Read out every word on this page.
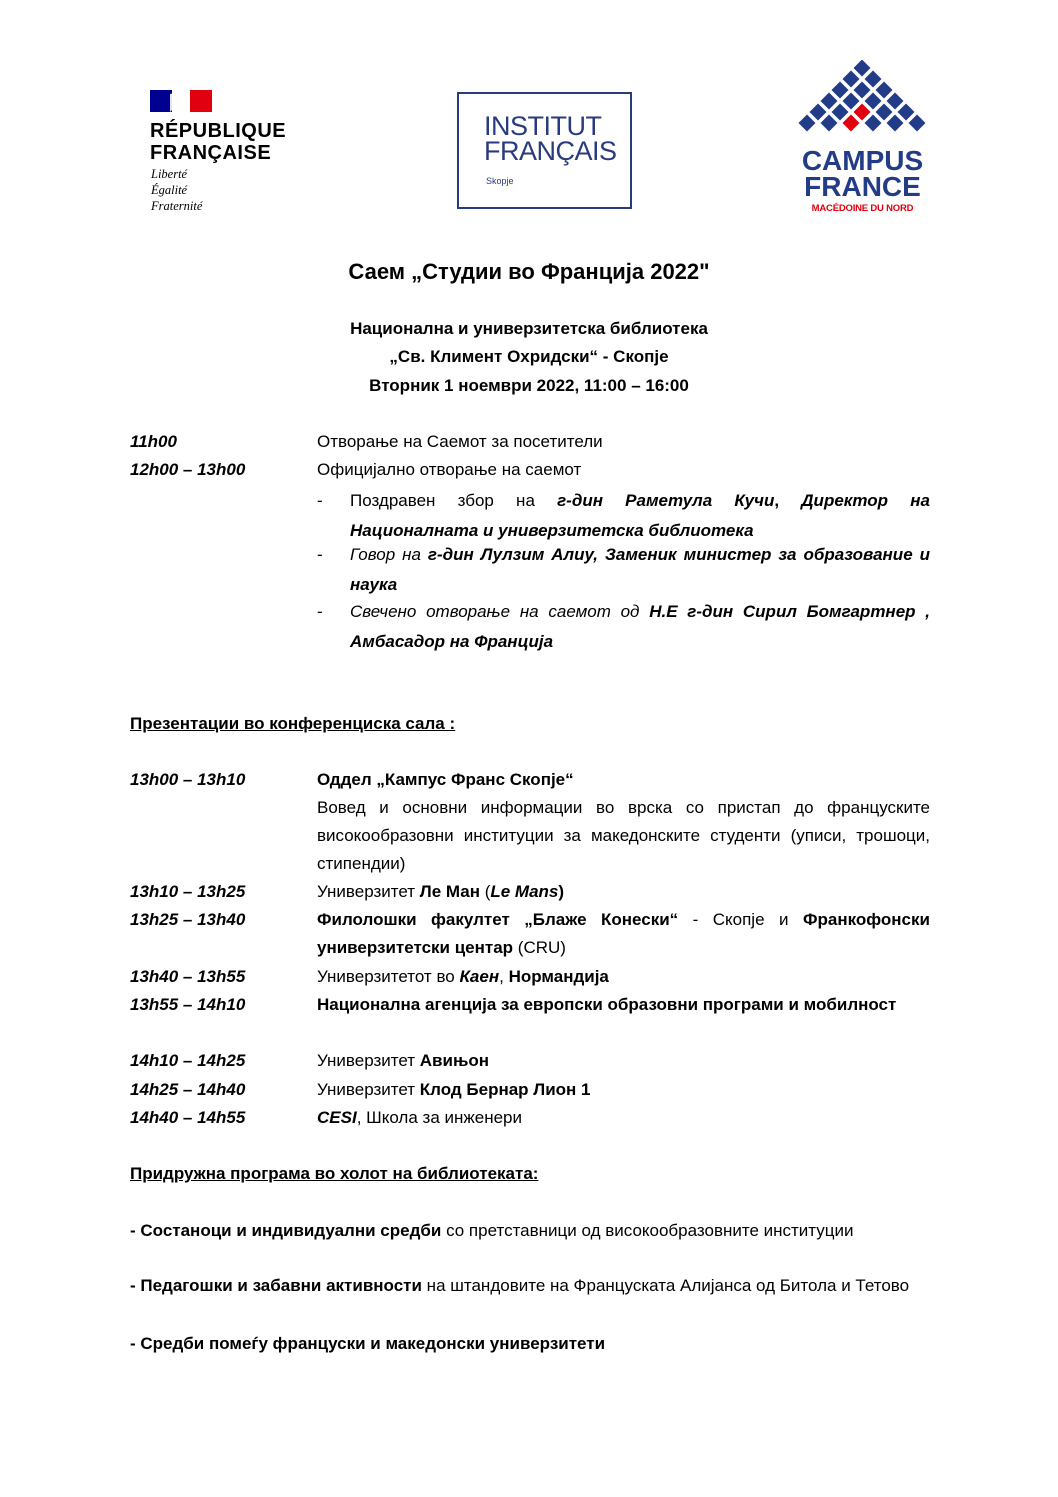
RÉPUBLIQUE
FRANÇAISE
Liberté
Égalité
Fraternité
INSTITUT
FRANÇAIS
Skopje
CAMPUS
FRANCE
MACÉDOINE DU NORD
Саем „Студии во Франција 2022"
Национална и универзитетска библиотека
„Св. Климент Охридски“ - Скопје
Вторник 1 ноември 2022, 11:00 – 16:00
11h00	Отворање на Саемот за посетители
12h00 – 13h00	Официјално отворање на саемот
- Поздравен збор на г-дин Раметула Кучи, Директор на Националната и универзитетска библиотека
- Говор на г-дин Лулзим Алиу, Заменик министер за образование и наука
- Свечено отворање на саемот од Н.Е г-дин Сирил Бомгартнер , Амбасадор на Франција
Презентации во конференциска сала :
13h00 – 13h10	Оддел „Кампус Франс Скопје“
Вовед и основни информации во врска со пристап до француските високообразовни институции за македонските студенти (уписи, трошоци, стипендии)
13h10 – 13h25	Универзитет Ле Ман (Le Mans)
13h25 – 13h40	Филолошки факултет „Блаже Конески“ - Скопје и Франкофонски универзитетски центар (CRU)
13h40 – 13h55	Универзитетот во Каен, Нормандија
13h55 – 14h10	Национална агенција за европски образовни програми и мобилност
14h10 – 14h25	Универзитет Авињон
14h25 – 14h40	Универзитет Клод Бернар Лион 1
14h40 – 14h55	CESI, Школа за инженери
Придружна програма во холот на библиотеката:
- Состаноци и индивидуални средби со претставници од високообразовните институции
- Педагошки и забавни активности на штандовите на Француската Алијанса од Битола и Тетово
- Средби помеѓу француски и македонски универзитети
